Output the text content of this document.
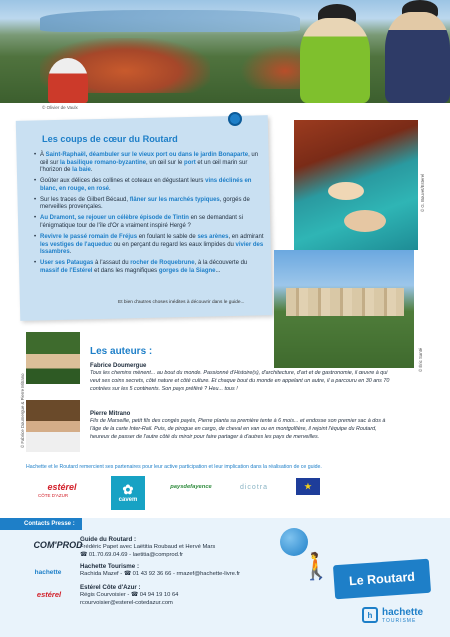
© Olivier de Vaulx
Les coups de cœur du Routard
• À Saint-Raphaël, déambuler sur le vieux port ou dans le jardin Bonaparte, un œil sur la basilique romano-byzantine, un œil sur le port et un œil marin sur l'horizon de la baie.
• Goûter aux délices des collines et coteaux en dégustant leurs vins déclinés en blanc, en rouge, en rosé.
• Sur les traces de Gilbert Bécaud, flâner sur les marchés typiques, gorgés de merveilles provençales.
• Au Dramont, se rejouer un célèbre épisode de Tintin en se demandant si l'énigmatique tour de l'île d'Or a vraiment inspiré Hergé ?
• Revivre le passé romain de Fréjus en foulant le sable de ses arènes, en admirant les vestiges de l'aqueduc ou en perçant du regard les eaux limpides du vivier des Issambres.
• User ses Pataugas à l'assaut du rocher de Roquebrune, à la découverte du massif de l'Estérel et dans les magnifiques gorges de la Siagne...
Et bien d'autres choses inédites à découvrir dans le guide...
© G. Bouvet/Esterel
© Éric Santé
© Fabrice Doumergue & Pierre Mitrano
Les auteurs :
Fabrice Doumergue
Tous les chemins mènent... au bout du monde. Passionné d'Histoire(s), d'architecture, d'art et de gastronomie, il œuvre à qui veut ses coins secrets, côté nature et côté culture. Et chaque bout du monde en appelant un autre, il a parcouru en 30 ans 70 contrées sur les 5 continents. Son pays préféré ? Heu... tous !
Pierre Mitrano
Fils de Marseille, petit fils des congés payés, Pierre planta sa première tente à 6 mois... et endosse son premier sac à dos à l'âge de la carte Inter-Rail. Puis, de pirogue en cargo, de cheval en van ou en montgolfière, il rejoint l'équipe du Routard, heureux de passer de l'autre côté du miroir pour faire partager à d'autres les pays de merveilles.
Hachette et le Routard remercient ses partenaires pour leur active participation et leur implication dans la réalisation de ce guide.
estérel
CÔTE D'AZUR	✿
cavem
paysdefayence	dicotra	★
Contacts Presse :
COM'PROD
hachette
estérel
Guide du Routard :
Frédéric Papet avec Laëtitia Roubaud et Hervé Mars
☎ 01.70.69.04.69 - laetitia@comprod.fr
Hachette Tourisme :
Rachida Mazef - ☎ 01 43 92 36 66 - rmazef@hachette-livre.fr
Estérel Côte d'Azur :
Régis Courvoisier - ☎ 04 94 19 10 64
rcourvoisier@esterel-cotedazur.com
🚶	Le Routard
h hachette
TOURISME
